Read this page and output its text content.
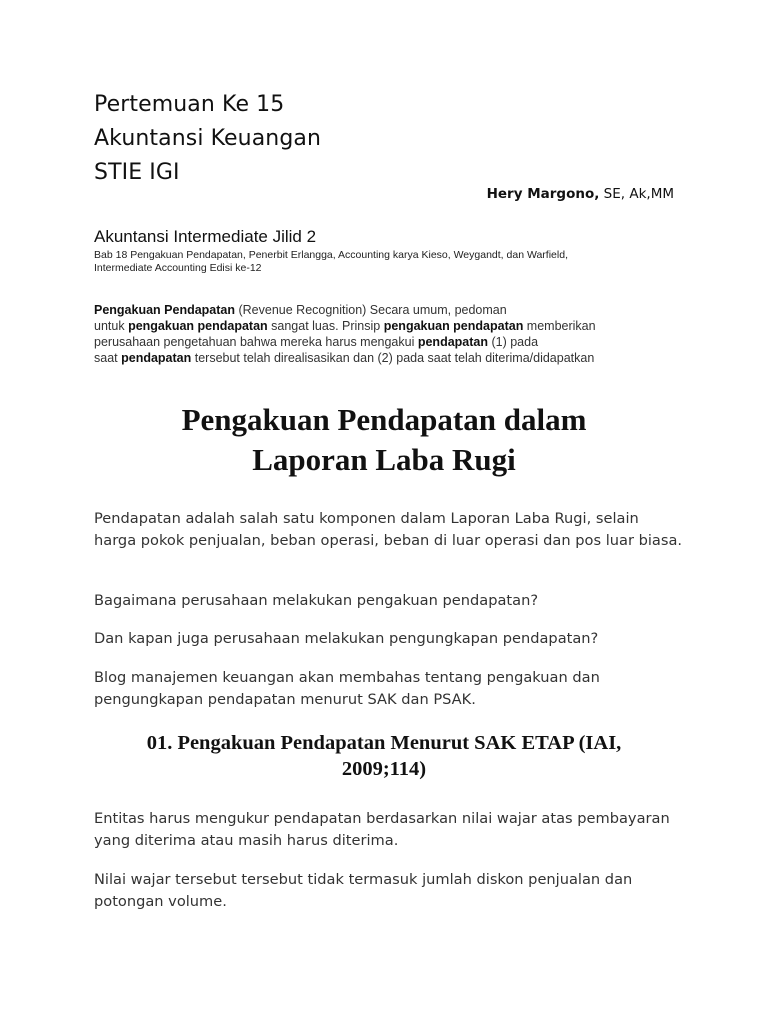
Pertemuan Ke 15
Akuntansi Keuangan
STIE IGI
Hery Margono, SE, Ak,MM
Akuntansi Intermediate Jilid 2
Bab 18 Pengakuan Pendapatan, Penerbit Erlangga, Accounting karya Kieso, Weygandt, dan Warfield,
Intermediate Accounting Edisi ke-12
Pengakuan Pendapatan (Revenue Recognition) Secara umum, pedoman
untuk pengakuan pendapatan sangat luas. Prinsip pengakuan pendapatan memberikan
perusahaan pengetahuan bahwa mereka harus mengakui pendapatan (1) pada
saat pendapatan tersebut telah direalisasikan dan (2) pada saat telah diterima/didapatkan
Pengakuan Pendapatan dalam
Laporan Laba Rugi
Pendapatan adalah salah satu komponen dalam Laporan Laba Rugi, selain harga pokok penjualan, beban operasi, beban di luar operasi dan pos luar biasa.
Bagaimana perusahaan melakukan pengakuan pendapatan?
Dan kapan juga perusahaan melakukan pengungkapan pendapatan?
Blog manajemen keuangan akan membahas tentang pengakuan dan pengungkapan pendapatan menurut SAK dan PSAK.
01. Pengakuan Pendapatan Menurut SAK ETAP (IAI,
2009;114)
Entitas harus mengukur pendapatan berdasarkan nilai wajar atas pembayaran yang diterima atau masih harus diterima.
Nilai wajar tersebut tersebut tidak termasuk jumlah diskon penjualan dan potongan volume.
